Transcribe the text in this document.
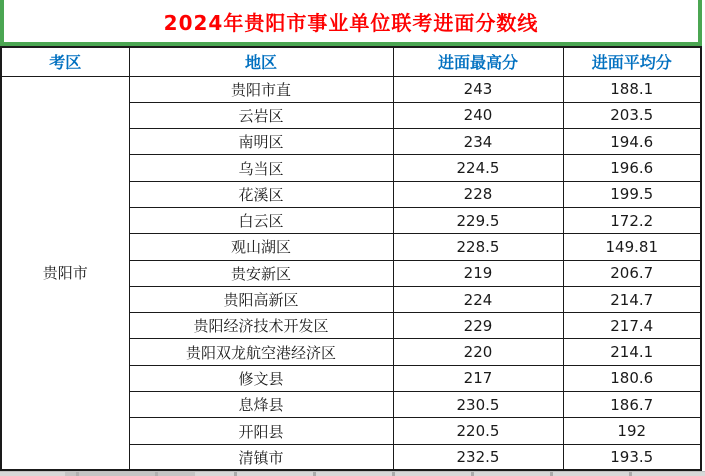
2024年贵阳市事业单位联考进面分数线
考区	地区	进面最高分	进面平均分
贵阳市	贵阳市直	243	188.1
	云岩区	240	203.5
	南明区	234	194.6
	乌当区	224.5	196.6
	花溪区	228	199.5
	白云区	229.5	172.2
	观山湖区	228.5	149.81
	贵安新区	219	206.7
	贵阳高新区	224	214.7
	贵阳经济技术开发区	229	217.4
	贵阳双龙航空港经济区	220	214.1
	修文县	217	180.6
	息烽县	230.5	186.7
	开阳县	220.5	192
	清镇市	232.5	193.5
